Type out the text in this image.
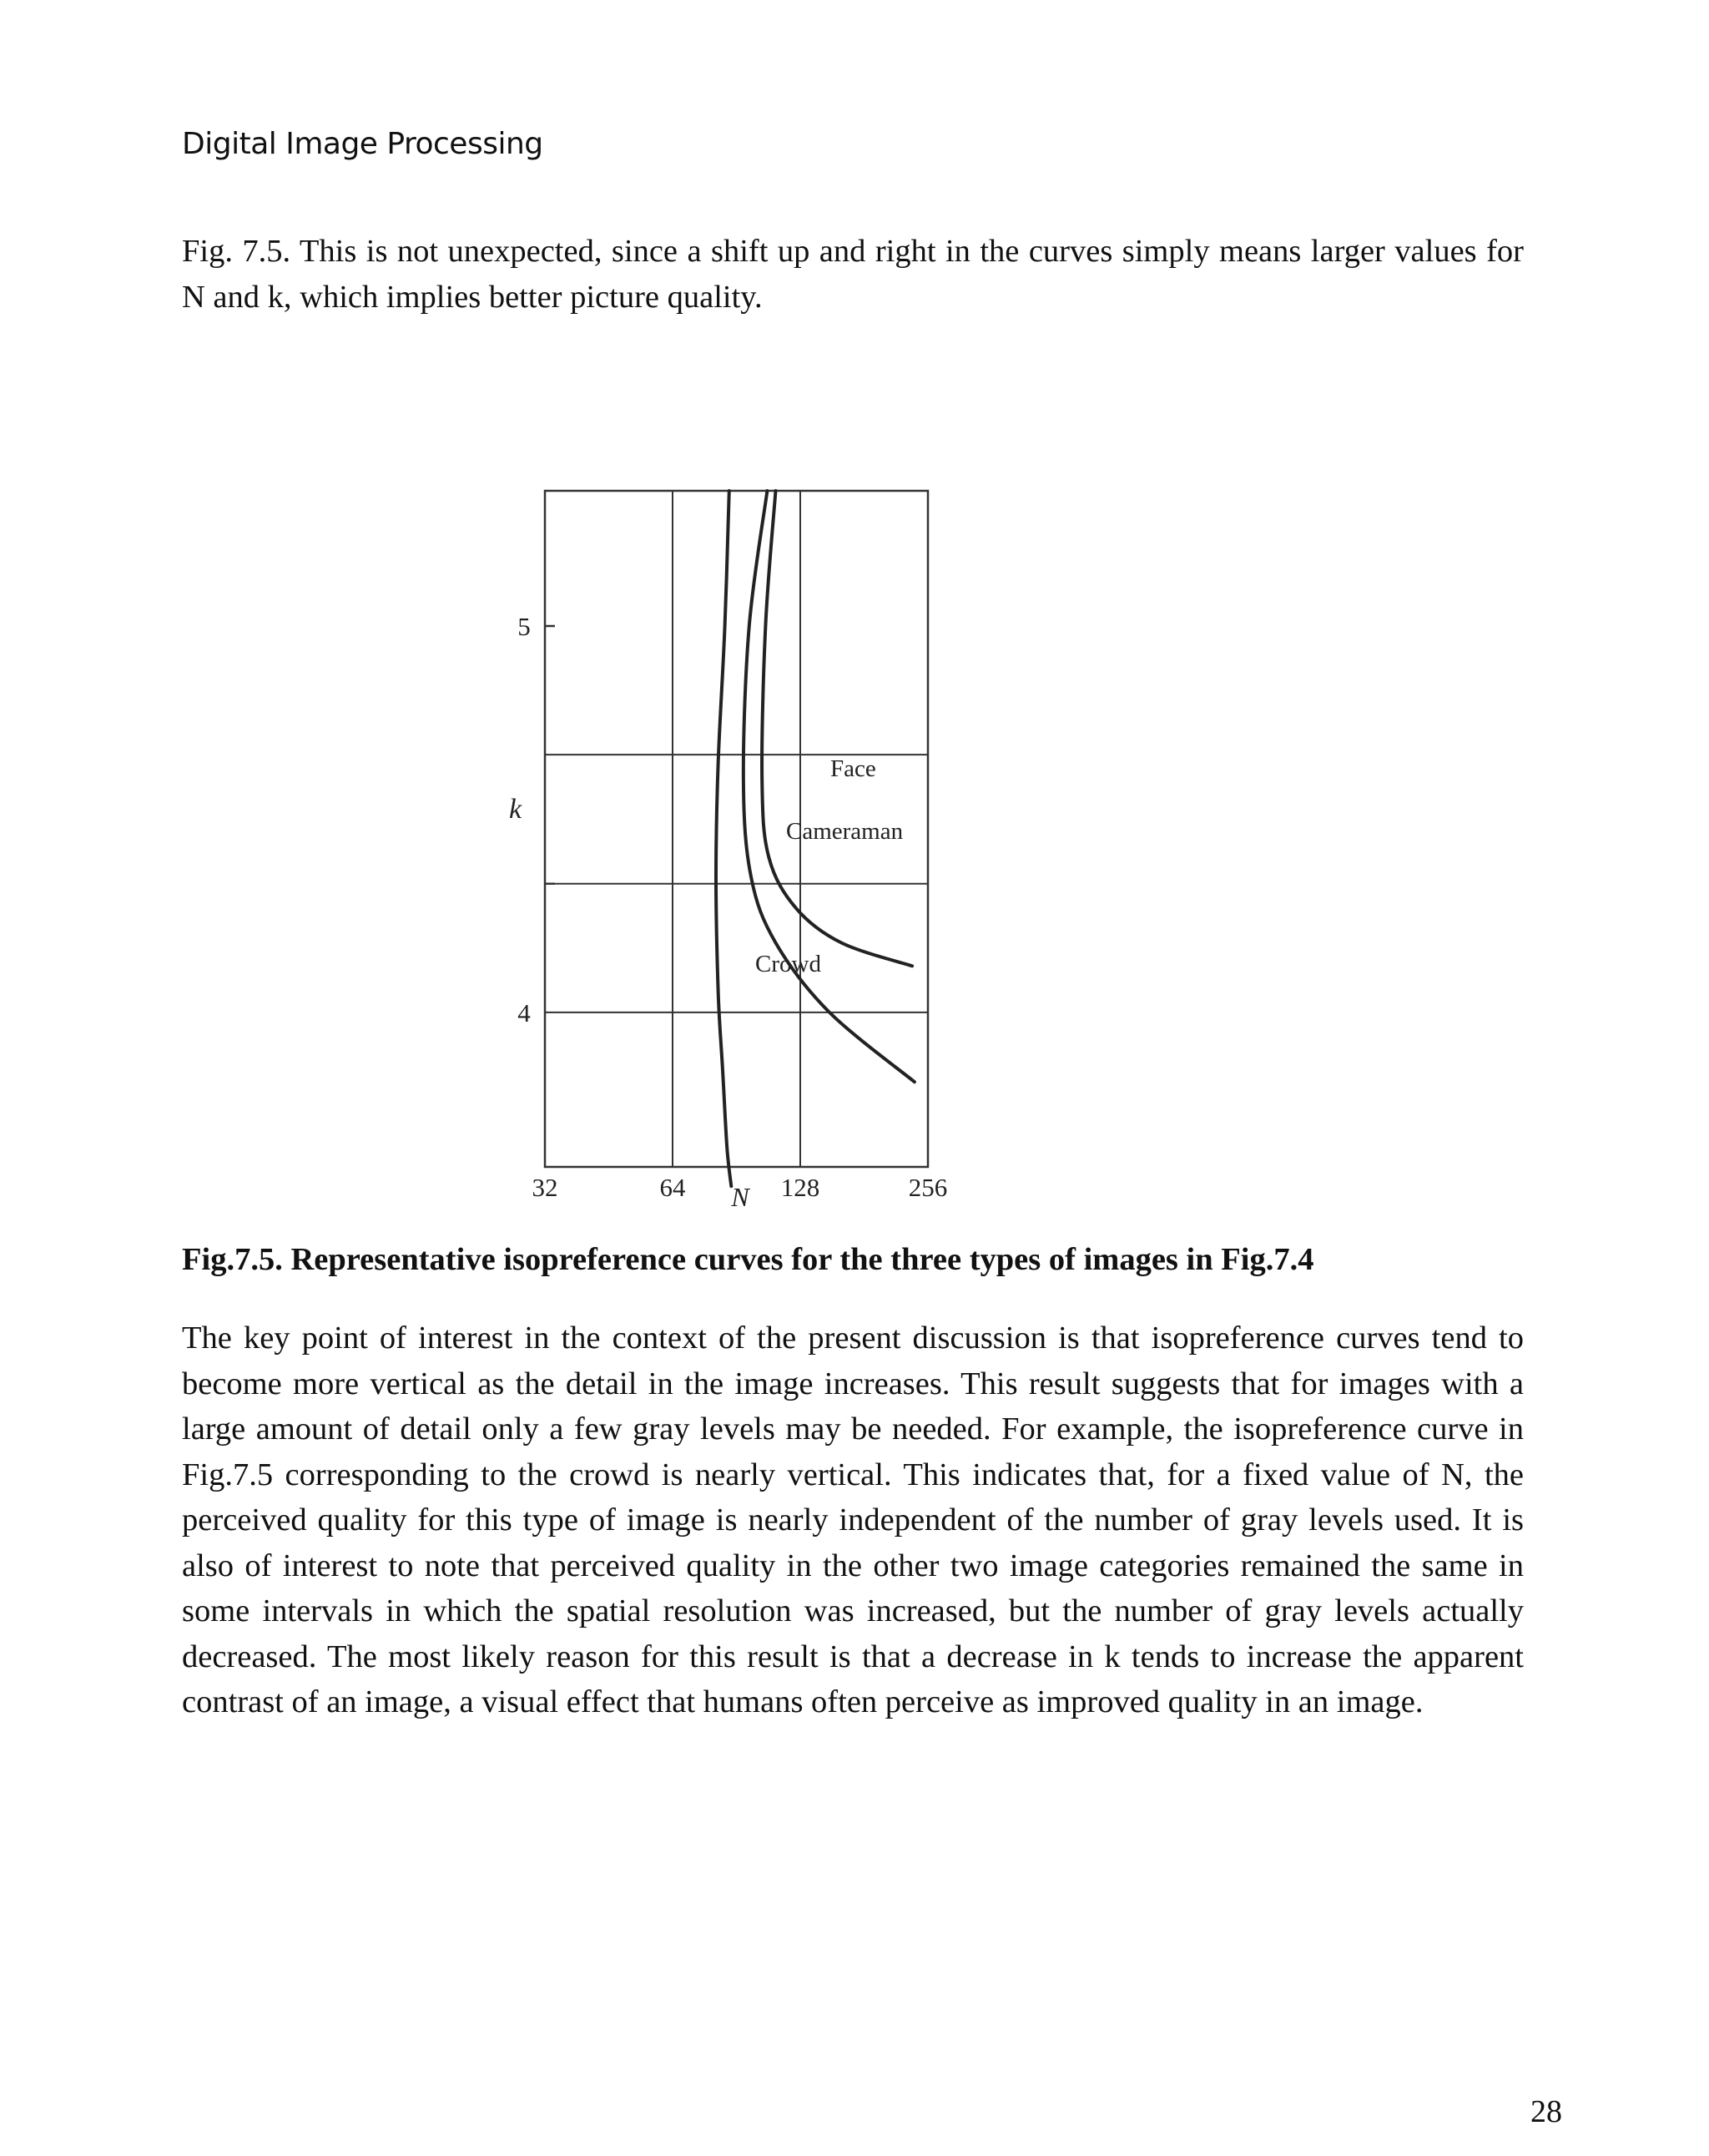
Digital Image Processing

Fig. 7.5. This is not unexpected, since a shift up and right in the curves simply means larger values for N and k, which implies better picture quality.

32	64	128	256
4
5
N
k
Face
Cameraman
Crowd

Fig.7.5. Representative isopreference curves for the three types of images in Fig.7.4

The key point of interest in the context of the present discussion is that isopreference curves tend to become more vertical as the detail in the image increases. This result suggests that for images with a large amount of detail only a few gray levels may be needed. For example, the isopreference curve in Fig.7.5 corresponding to the crowd is nearly vertical. This indicates that, for a fixed value of N, the perceived quality for this type of image is nearly independent of the number of gray levels used. It is also of interest to note that perceived quality in the other two image categories remained the same in some intervals in which the spatial resolution was increased, but the number of gray levels actually decreased. The most likely reason for this result is that a decrease in k tends to increase the apparent contrast of an image, a visual effect that humans often perceive as improved quality in an image.

28
